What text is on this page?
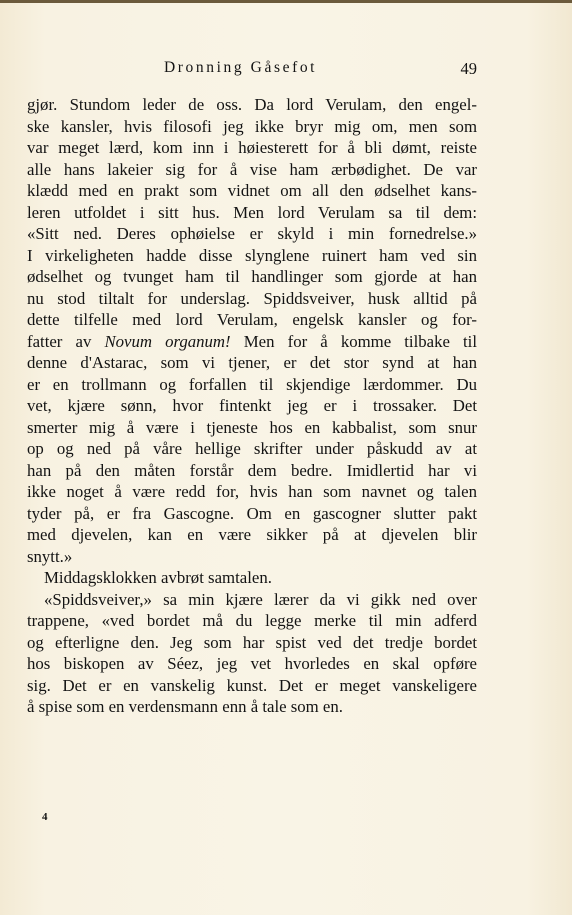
Dronning Gåsefot	49
gjør. Stundom leder de oss. Da lord Verulam, den engel-
ske kansler, hvis filosofi jeg ikke bryr mig om, men som
var meget lærd, kom inn i høiesterett for å bli dømt, reiste
alle hans lakeier sig for å vise ham ærbødighet. De var
klædd med en prakt som vidnet om all den ødselhet kans-
leren utfoldet i sitt hus. Men lord Verulam sa til dem:
«Sitt ned. Deres ophøielse er skyld i min fornedrelse.»
I virkeligheten hadde disse slynglene ruinert ham ved sin
ødselhet og tvunget ham til handlinger som gjorde at han
nu stod tiltalt for underslag. Spiddsveiver, husk alltid på
dette tilfelle med lord Verulam, engelsk kansler og for-
fatter av Novum organum! Men for å komme tilbake til
denne d'Astarac, som vi tjener, er det stor synd at han
er en trollmann og forfallen til skjendige lærdommer. Du
vet, kjære sønn, hvor fintenkt jeg er i trossaker. Det
smerter mig å være i tjeneste hos en kabbalist, som snur
op og ned på våre hellige skrifter under påskudd av at
han på den måten forstår dem bedre. Imidlertid har vi
ikke noget å være redd for, hvis han som navnet og talen
tyder på, er fra Gascogne. Om en gascogner slutter pakt
med djevelen, kan en være sikker på at djevelen blir
snytt.»
Middagsklokken avbrøt samtalen.
«Spiddsveiver,» sa min kjære lærer da vi gikk ned over
trappene, «ved bordet må du legge merke til min adferd
og efterligne den. Jeg som har spist ved det tredje bordet
hos biskopen av Séez, jeg vet hvorledes en skal opføre
sig. Det er en vanskelig kunst. Det er meget vanskeligere
å spise som en verdensmann enn å tale som en.
4
